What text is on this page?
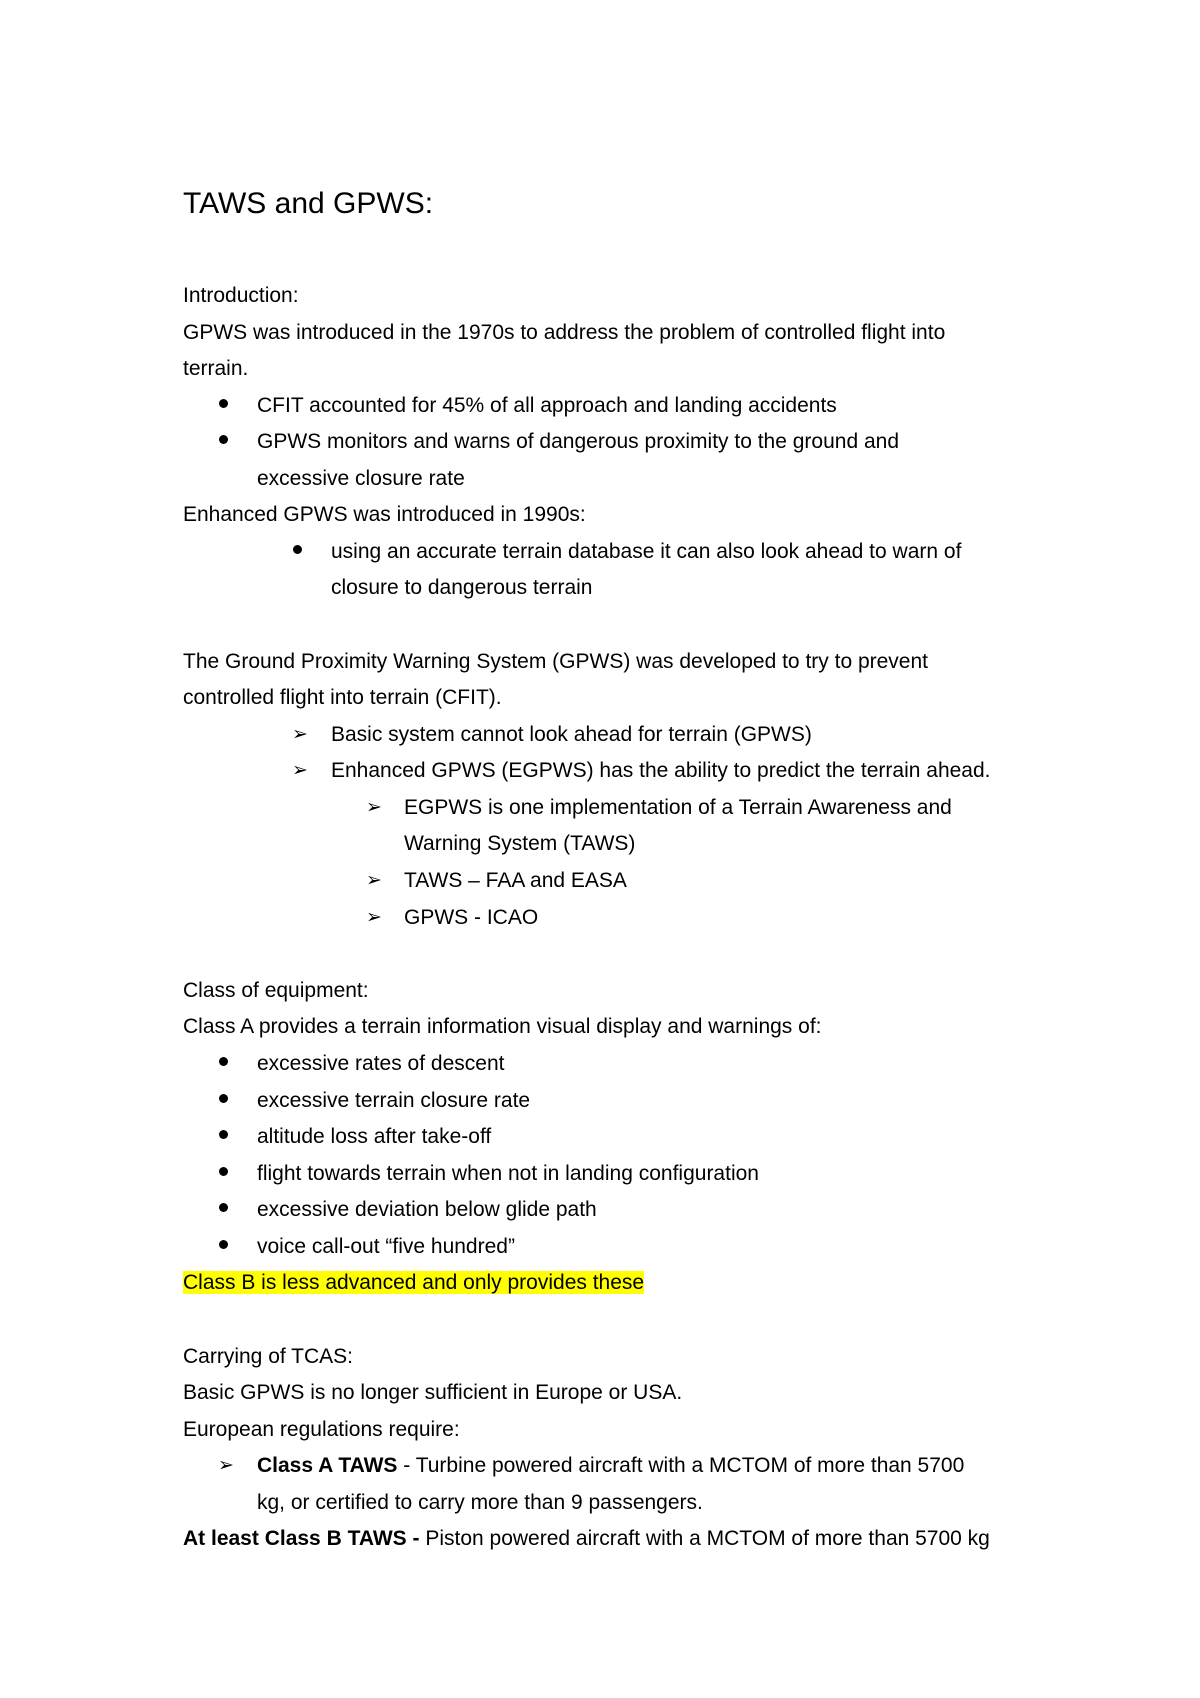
TAWS and GPWS:
Introduction:
GPWS was introduced in the 1970s to address the problem of controlled flight into
terrain.
CFIT accounted for 45% of all approach and landing accidents
GPWS monitors and warns of dangerous proximity to the ground and
excessive closure rate
Enhanced GPWS was introduced in 1990s:
using an accurate terrain database it can also look ahead to warn of
closure to dangerous terrain
The Ground Proximity Warning System (GPWS) was developed to try to prevent
controlled flight into terrain (CFIT).
➢ Basic system cannot look ahead for terrain (GPWS)
➢ Enhanced GPWS (EGPWS) has the ability to predict the terrain ahead.
➢ EGPWS is one implementation of a Terrain Awareness and
Warning System (TAWS)
➢ TAWS – FAA and EASA
➢ GPWS - ICAO
Class of equipment:
Class A provides a terrain information visual display and warnings of:
excessive rates of descent
excessive terrain closure rate
altitude loss after take-off
flight towards terrain when not in landing configuration
excessive deviation below glide path
voice call-out “five hundred”
Class B is less advanced and only provides these
Carrying of TCAS:
Basic GPWS is no longer sufficient in Europe or USA.
European regulations require:
➢ Class A TAWS - Turbine powered aircraft with a MCTOM of more than 5700
kg, or certified to carry more than 9 passengers.
At least Class B TAWS - Piston powered aircraft with a MCTOM of more than 5700 kg
